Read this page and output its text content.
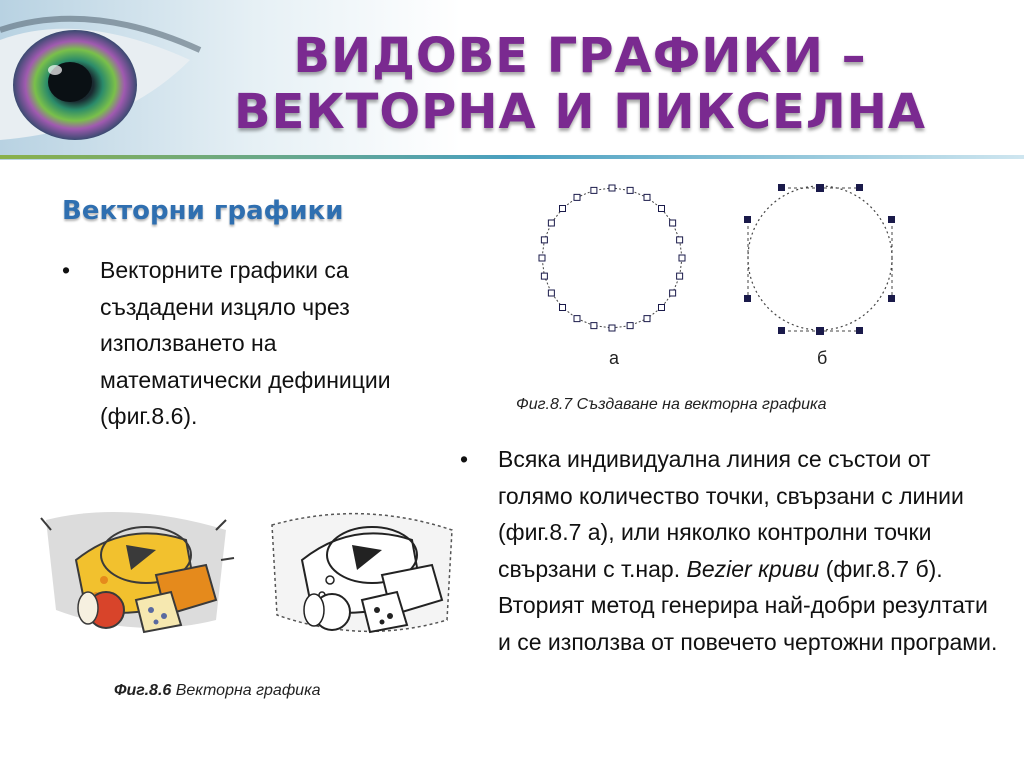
ВИДОВЕ ГРАФИКИ –
ВЕКТОРНА И ПИКСЕЛНА
Векторни графики
• Векторните графики са създадени изцяло чрез използването на математически дефиниции (фиг.8.6).
Фиг.8.6 Векторна графика
а	б
Фиг.8.7 Създаване на векторна графика
• Всяка индивидуална линия се състои от голямо количество точки, свързани с линии (фиг.8.7 а), или няколко контролни точки свързани с т.нар. Bezier криви (фиг.8.7 б). Вторият метод генерира най-добри резултати и се използва от повечето чертожни програми.
